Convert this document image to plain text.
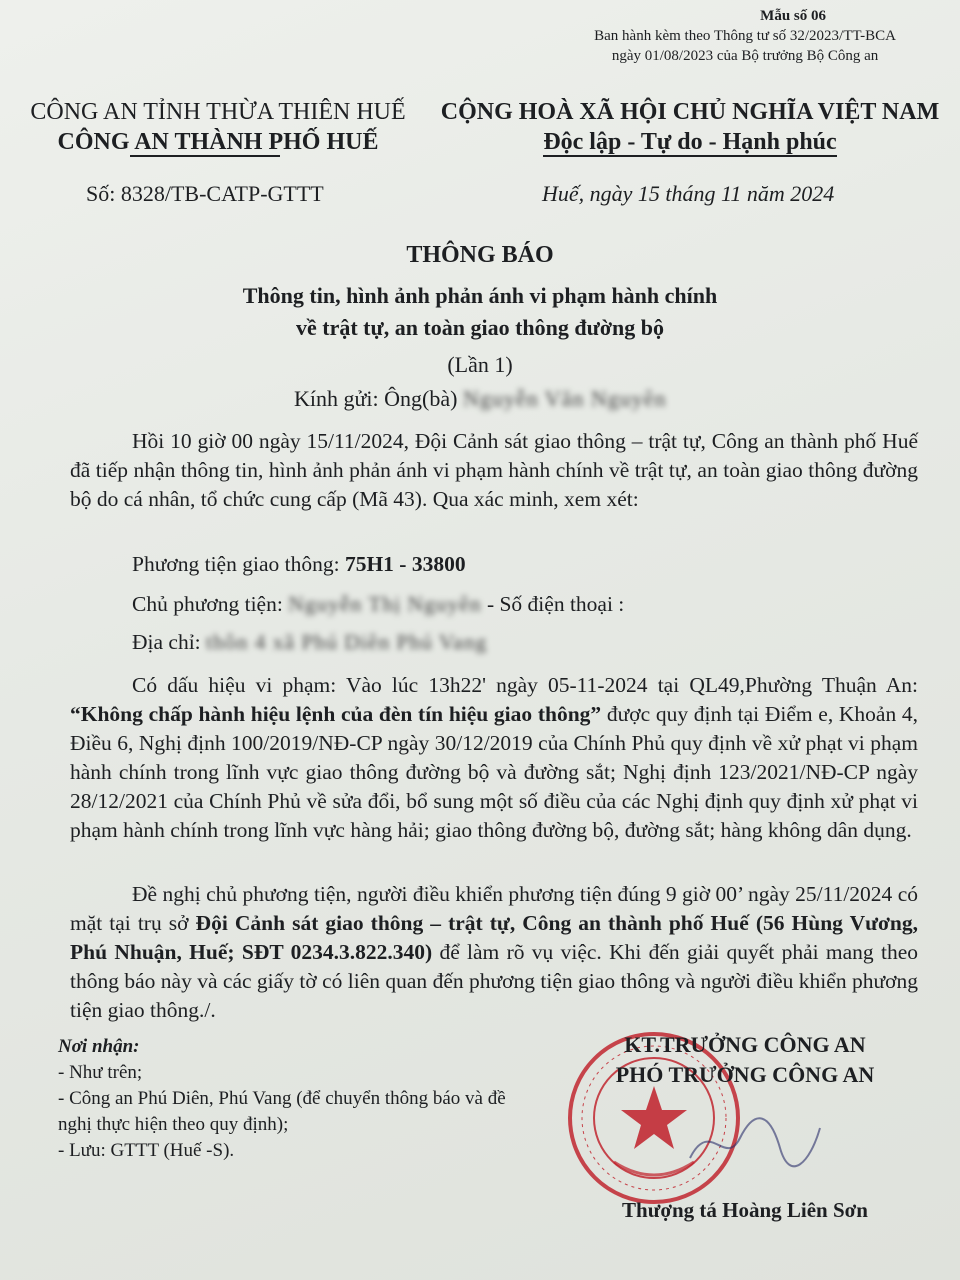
Mẫu số 06
Ban hành kèm theo Thông tư số 32/2023/TT-BCA
ngày 01/08/2023 của Bộ trưởng Bộ Công an
CÔNG AN TỈNH THỪA THIÊN HUẾ
CÔNG AN THÀNH PHỐ HUẾ
Số: 8328/TB-CATP-GTTT
CỘNG HOÀ XÃ HỘI CHỦ NGHĨA VIỆT NAM
Độc lập - Tự do - Hạnh phúc
Huế, ngày 15 tháng 11 năm 2024
THÔNG BÁO
Thông tin, hình ảnh phản ánh vi phạm hành chính
về trật tự, an toàn giao thông đường bộ
(Lần 1)
Kính gửi: Ông(bà) Nguyễn Văn Nguyên
Hồi 10 giờ 00 ngày 15/11/2024, Đội Cảnh sát giao thông – trật tự, Công an thành phố Huế đã tiếp nhận thông tin, hình ảnh phản ánh vi phạm hành chính về trật tự, an toàn giao thông đường bộ do cá nhân, tổ chức cung cấp (Mã 43). Qua xác minh, xem xét:
Phương tiện giao thông: 75H1 - 33800
Chủ phương tiện: Nguyễn Thị Nguyên - Số điện thoại :
Địa chỉ: thôn 4 xã Phú Diên Phú Vang
Có dấu hiệu vi phạm: Vào lúc 13h22' ngày 05-11-2024 tại QL49,Phường Thuận An: “Không chấp hành hiệu lệnh của đèn tín hiệu giao thông” được quy định tại Điểm e, Khoản 4, Điều 6, Nghị định 100/2019/NĐ-CP ngày 30/12/2019 của Chính Phủ quy định về xử phạt vi phạm hành chính trong lĩnh vực giao thông đường bộ và đường sắt; Nghị định 123/2021/NĐ-CP ngày 28/12/2021 của Chính Phủ về sửa đổi, bổ sung một số điều của các Nghị định quy định xử phạt vi phạm hành chính trong lĩnh vực hàng hải; giao thông đường bộ, đường sắt; hàng không dân dụng.
Đề nghị chủ phương tiện, người điều khiển phương tiện đúng 9 giờ 00’ ngày 25/11/2024 có mặt tại trụ sở Đội Cảnh sát giao thông – trật tự, Công an thành phố Huế (56 Hùng Vương, Phú Nhuận, Huế; SĐT 0234.3.822.340) để làm rõ vụ việc. Khi đến giải quyết phải mang theo thông báo này và các giấy tờ có liên quan đến phương tiện giao thông và người điều khiển phương tiện giao thông./.
Nơi nhận:
- Như trên;
- Công an Phú Diên, Phú Vang (để chuyển thông báo và đề nghị thực hiện theo quy định);
- Lưu: GTTT (Huế -S).
KT.TRƯỞNG CÔNG AN
PHÓ TRƯỞNG CÔNG AN
Thượng tá Hoàng Liên Sơn
